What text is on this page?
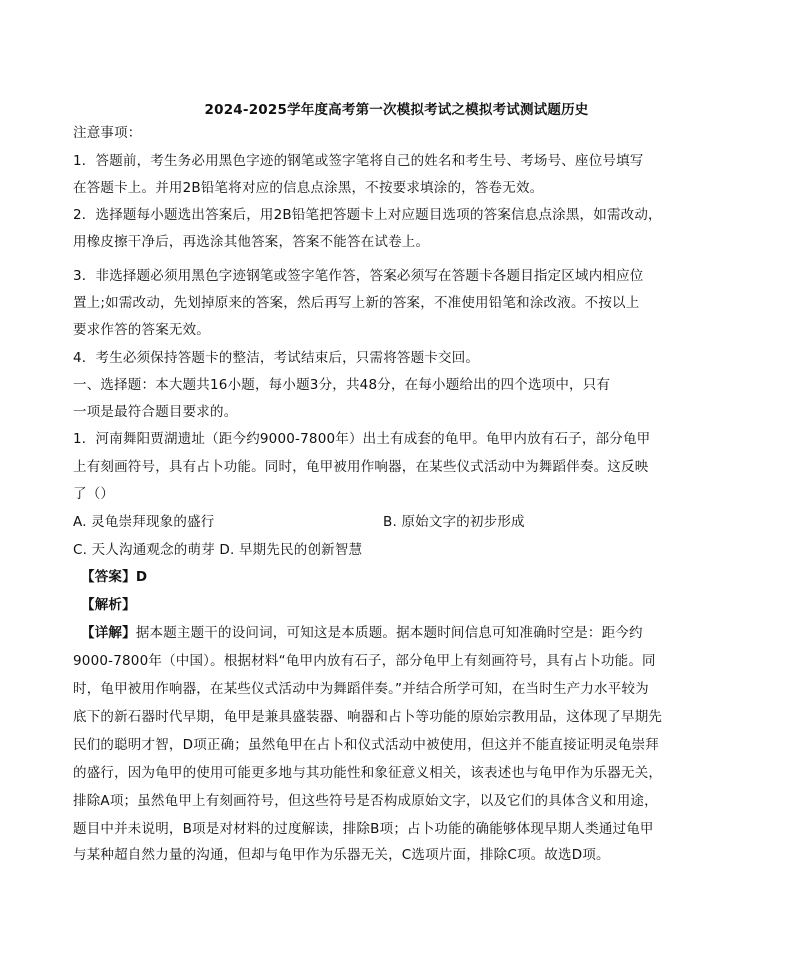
2024-2025学年度高考第一次模拟考试之模拟考试测试题历史
注意事项：
1．答题前，考生务必用黑色字迹的钢笔或签字笔将自己的姓名和考生号、考场号、座位号填写
在答题卡上。并用2B铅笔将对应的信息点涂黑，不按要求填涂的，答卷无效。
2．选择题每小题选出答案后，用2B铅笔把答题卡上对应题目选项的答案信息点涂黑，如需改动，
用橡皮擦干净后，再选涂其他答案，答案不能答在试卷上。
3．非选择题必须用黑色字迹钢笔或签字笔作答，答案必须写在答题卡各题目指定区域内相应位
置上;如需改动，先划掉原来的答案，然后再写上新的答案，不准使用铅笔和涂改液。不按以上
要求作答的答案无效。
4．考生必须保持答题卡的整洁，考试结束后，只需将答题卡交回。
一、选择题：本大题共16小题，每小题3分，共48分，在每小题给出的四个选项中，只有
一项是最符合题目要求的。
1．河南舞阳贾湖遗址（距今约9000-7800年）出土有成套的龟甲。龟甲内放有石子，部分龟甲
上有刻画符号，具有占卜功能。同时，龟甲被用作响器，在某些仪式活动中为舞蹈伴奏。这反映
了（）
A. 灵龟崇拜现象的盛行	B. 原始文字的初步形成
C. 天人沟通观念的萌芽 D. 早期先民的创新智慧
【答案】D
【解析】
【详解】据本题主题干的设问词，可知这是本质题。据本题时间信息可知准确时空是：距今约
9000-7800年（中国）。根据材料“龟甲内放有石子，部分龟甲上有刻画符号，具有占卜功能。同
时，龟甲被用作响器，在某些仪式活动中为舞蹈伴奏。”并结合所学可知，在当时生产力水平较为
底下的新石器时代早期，龟甲是兼具盛装器、响器和占卜等功能的原始宗教用品，这体现了早期先
民们的聪明才智，D项正确；虽然龟甲在占卜和仪式活动中被使用，但这并不能直接证明灵龟崇拜
的盛行，因为龟甲的使用可能更多地与其功能性和象征意义相关，该表述也与龟甲作为乐器无关，
排除A项；虽然龟甲上有刻画符号，但这些符号是否构成原始文字，以及它们的具体含义和用途，
题目中并未说明，B项是对材料的过度解读，排除B项；占卜功能的确能够体现早期人类通过龟甲
与某种超自然力量的沟通，但却与龟甲作为乐器无关，C选项片面，排除C项。故选D项。
